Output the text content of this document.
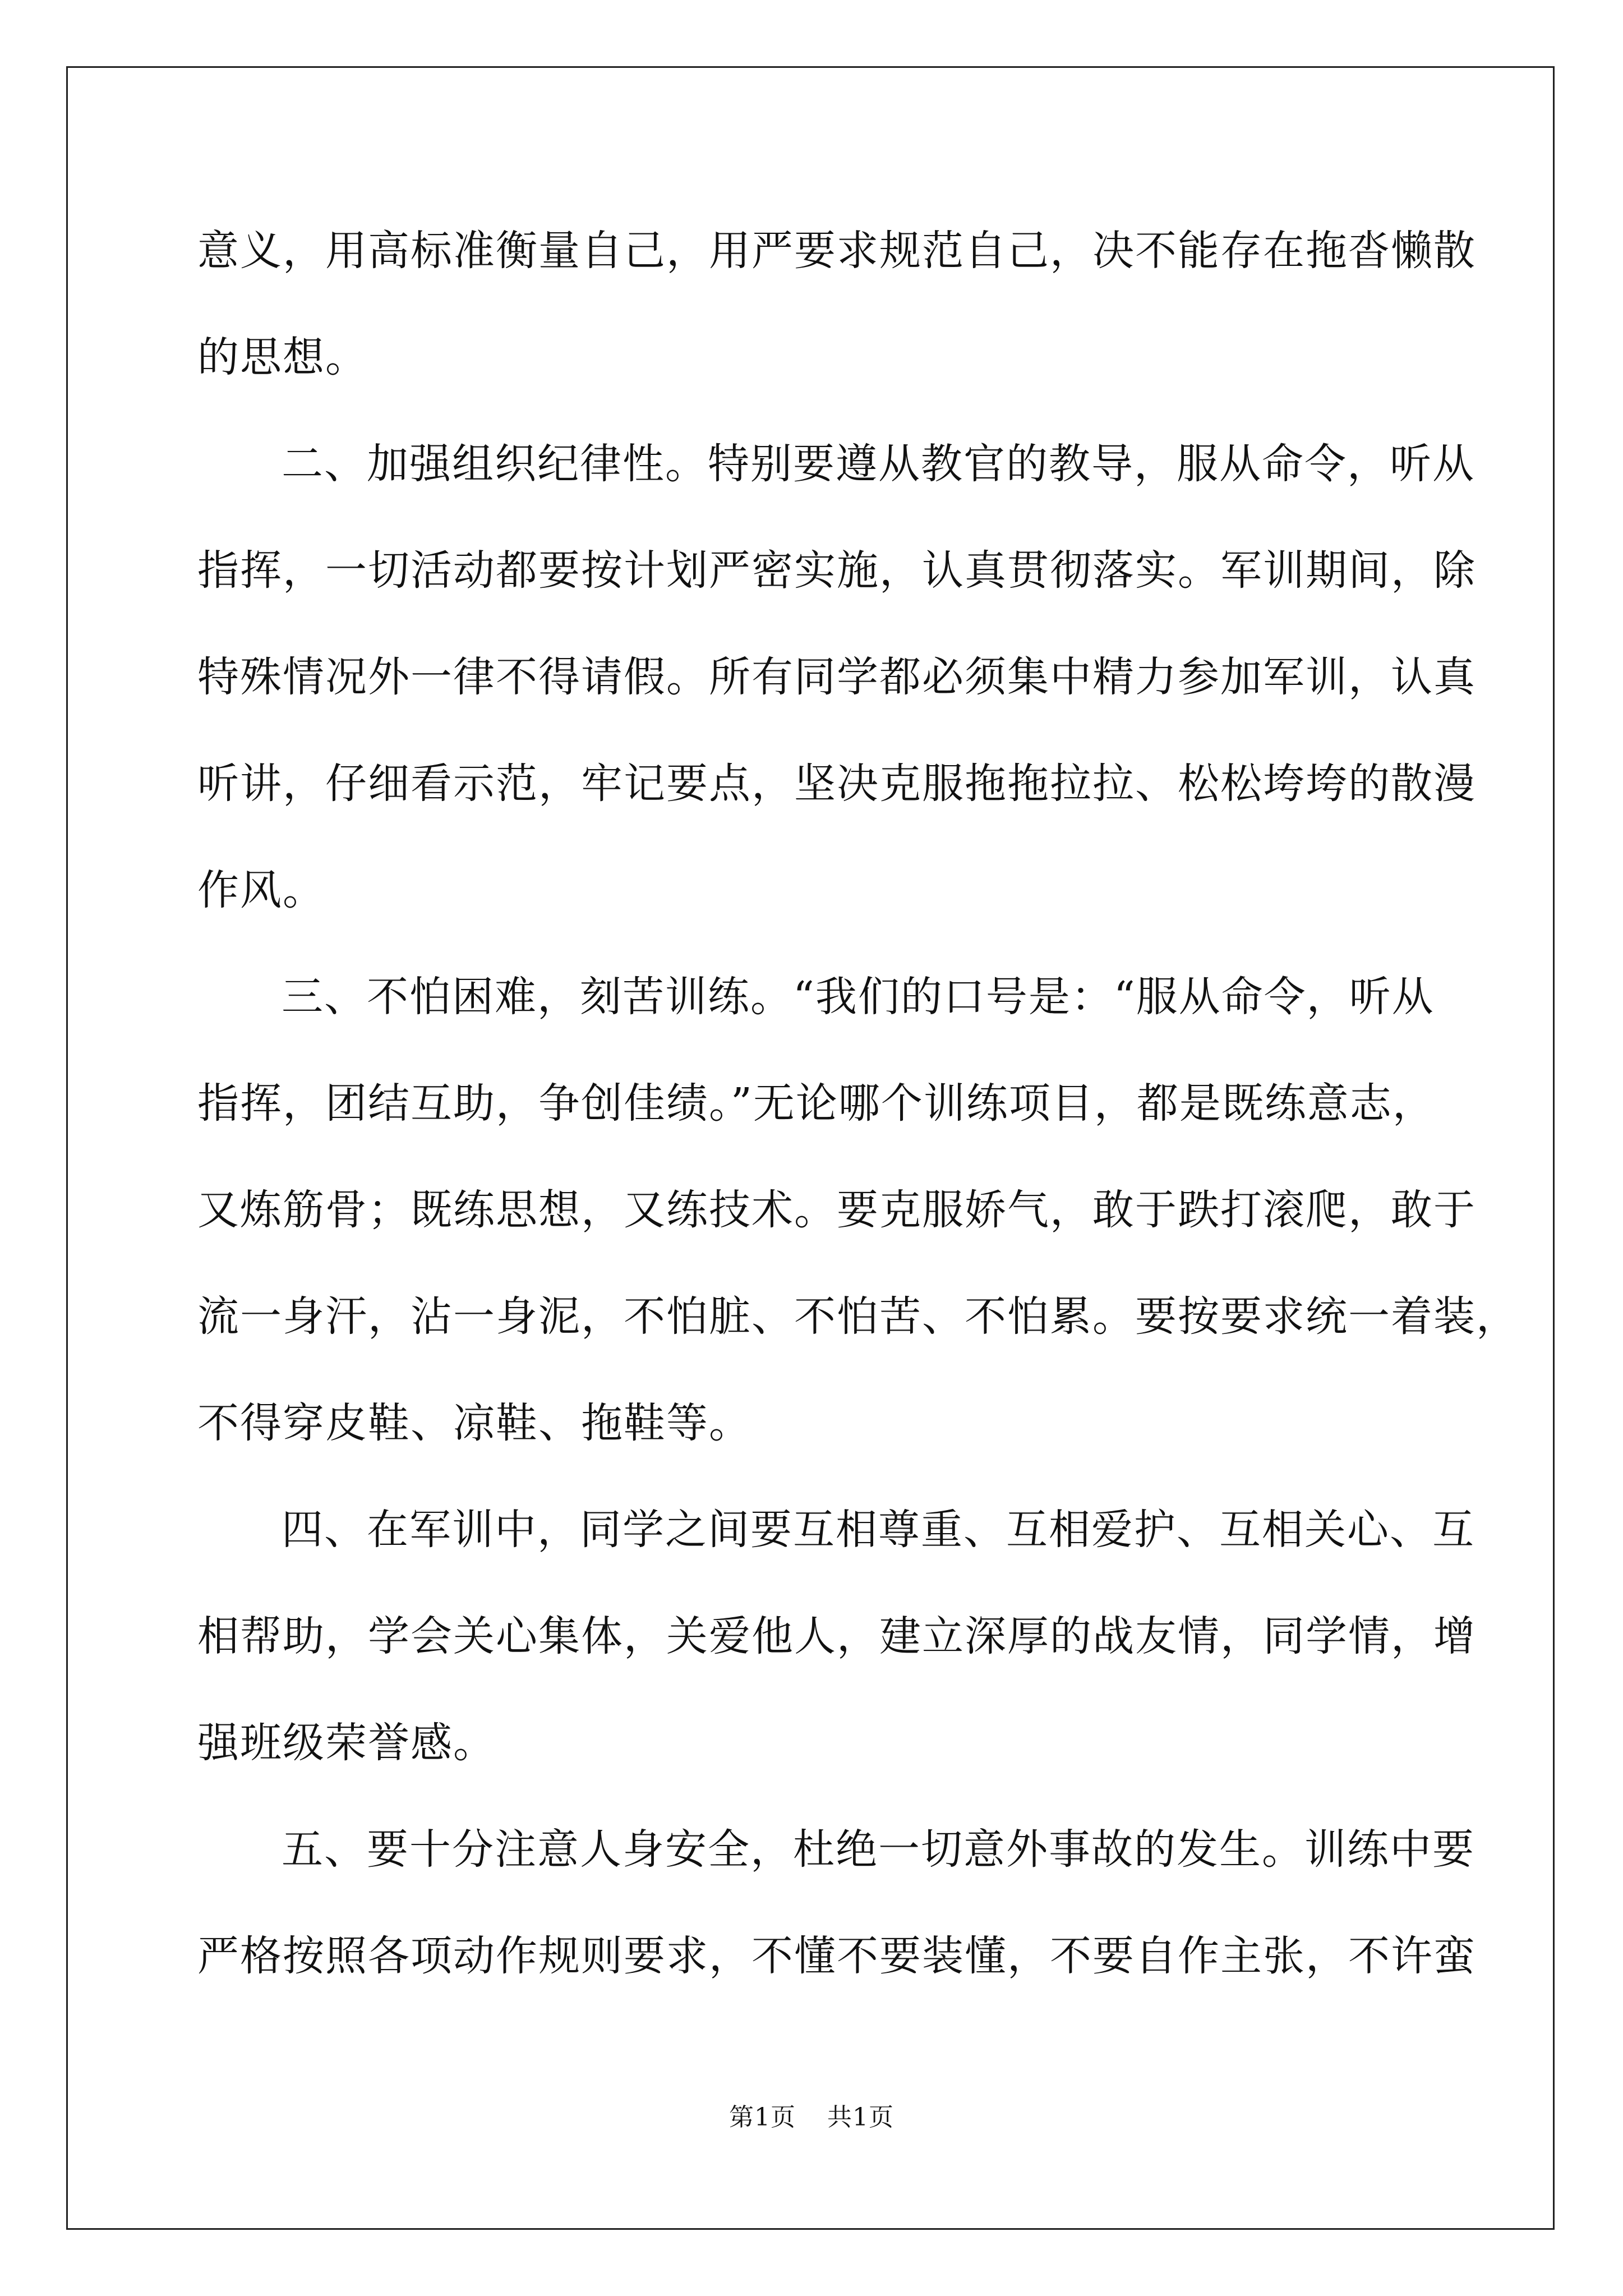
意义，用高标准衡量自己，用严要求规范自己，决不能存在拖沓懒散
的思想。
二、加强组织纪律性。特别要遵从教官的教导，服从命令，听从
指挥，一切活动都要按计划严密实施，认真贯彻落实。军训期间，除
特殊情况外一律不得请假。所有同学都必须集中精力参加军训，认真
听讲，仔细看示范，牢记要点，坚决克服拖拖拉拉、松松垮垮的散漫
作风。
三、不怕困难，刻苦训练。“我们的口号是：“服从命令，听从
指挥，团结互助，争创佳绩。”无论哪个训练项目，都是既练意志，
又炼筋骨；既练思想，又练技术。要克服娇气，敢于跌打滚爬，敢于
流一身汗，沾一身泥，不怕脏、不怕苦、不怕累。要按要求统一着装，
不得穿皮鞋、凉鞋、拖鞋等。
四、在军训中，同学之间要互相尊重、互相爱护、互相关心、互
相帮助，学会关心集体，关爱他人，建立深厚的战友情，同学情，增
强班级荣誉感。
五、要十分注意人身安全，杜绝一切意外事故的发生。训练中要
严格按照各项动作规则要求，不懂不要装懂，不要自作主张，不许蛮
第1页 共1页
